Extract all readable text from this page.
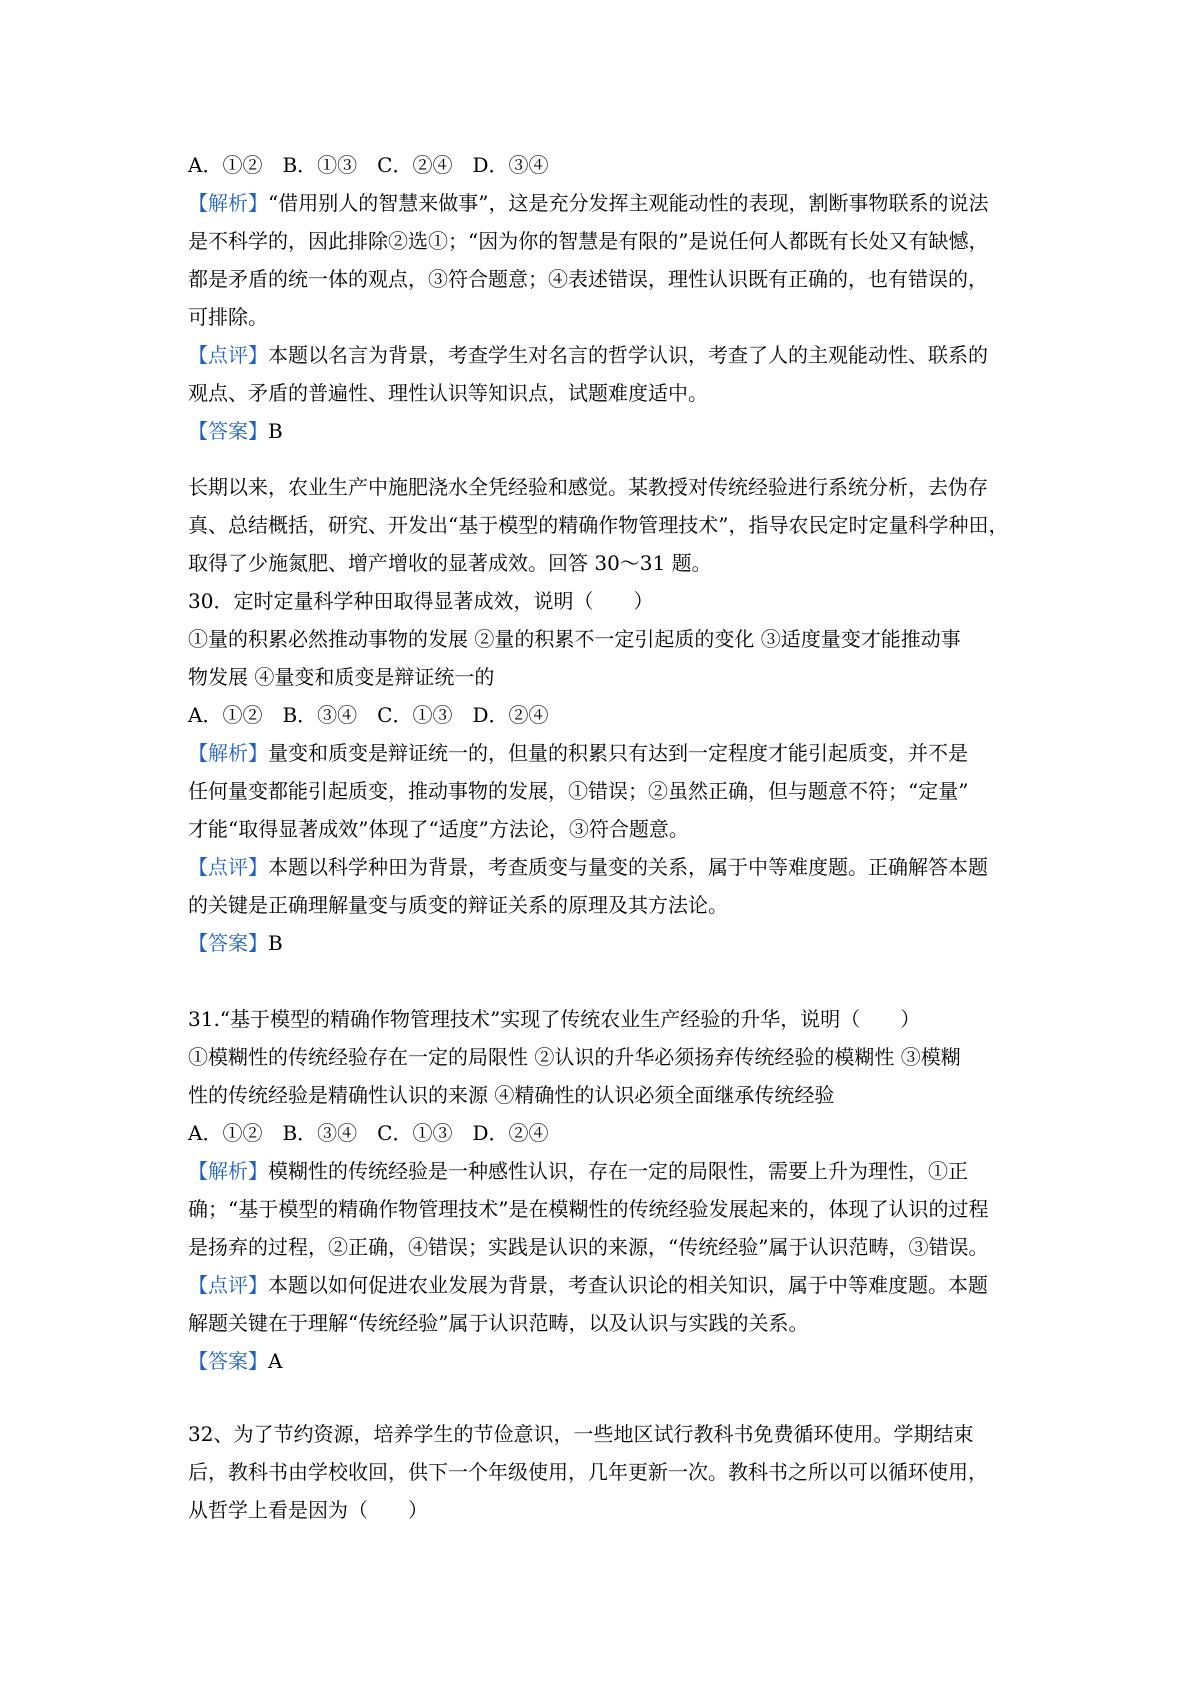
A．①②　B．①③　C．②④　D．③④
【解析】“借用别人的智慧来做事”，这是充分发挥主观能动性的表现，割断事物联系的说法
是不科学的，因此排除②选①；“因为你的智慧是有限的”是说任何人都既有长处又有缺憾，
都是矛盾的统一体的观点，③符合题意；④表述错误，理性认识既有正确的，也有错误的，
可排除。
【点评】本题以名言为背景，考查学生对名言的哲学认识，考查了人的主观能动性、联系的
观点、矛盾的普遍性、理性认识等知识点，试题难度适中。
【答案】B
长期以来，农业生产中施肥浇水全凭经验和感觉。某教授对传统经验进行系统分析，去伪存
真、总结概括，研究、开发出“基于模型的精确作物管理技术”，指导农民定时定量科学种田，
取得了少施氮肥、增产增收的显著成效。回答 30～31 题。
30．定时定量科学种田取得显著成效，说明（　　）
①量的积累必然推动事物的发展 ②量的积累不一定引起质的变化 ③适度量变才能推动事
物发展 ④量变和质变是辩证统一的
A．①②　B．③④　C．①③　D．②④
【解析】量变和质变是辩证统一的，但量的积累只有达到一定程度才能引起质变，并不是
任何量变都能引起质变，推动事物的发展，①错误；②虽然正确，但与题意不符；“定量”
才能“取得显著成效”体现了“适度”方法论，③符合题意。
【点评】本题以科学种田为背景，考查质变与量变的关系，属于中等难度题。正确解答本题
的关键是正确理解量变与质变的辩证关系的原理及其方法论。
【答案】B
31.“基于模型的精确作物管理技术”实现了传统农业生产经验的升华，说明（　　）
①模糊性的传统经验存在一定的局限性 ②认识的升华必须扬弃传统经验的模糊性 ③模糊
性的传统经验是精确性认识的来源 ④精确性的认识必须全面继承传统经验
A．①②　B．③④　C．①③　D．②④
【解析】模糊性的传统经验是一种感性认识，存在一定的局限性，需要上升为理性，①正
确；“基于模型的精确作物管理技术”是在模糊性的传统经验发展起来的，体现了认识的过程
是扬弃的过程，②正确，④错误；实践是认识的来源，“传统经验”属于认识范畴，③错误。
【点评】本题以如何促进农业发展为背景，考查认识论的相关知识，属于中等难度题。本题
解题关键在于理解“传统经验”属于认识范畴，以及认识与实践的关系。
【答案】A
32、为了节约资源，培养学生的节俭意识，一些地区试行教科书免费循环使用。学期结束
后，教科书由学校收回，供下一个年级使用，几年更新一次。教科书之所以可以循环使用，
从哲学上看是因为（　　）
